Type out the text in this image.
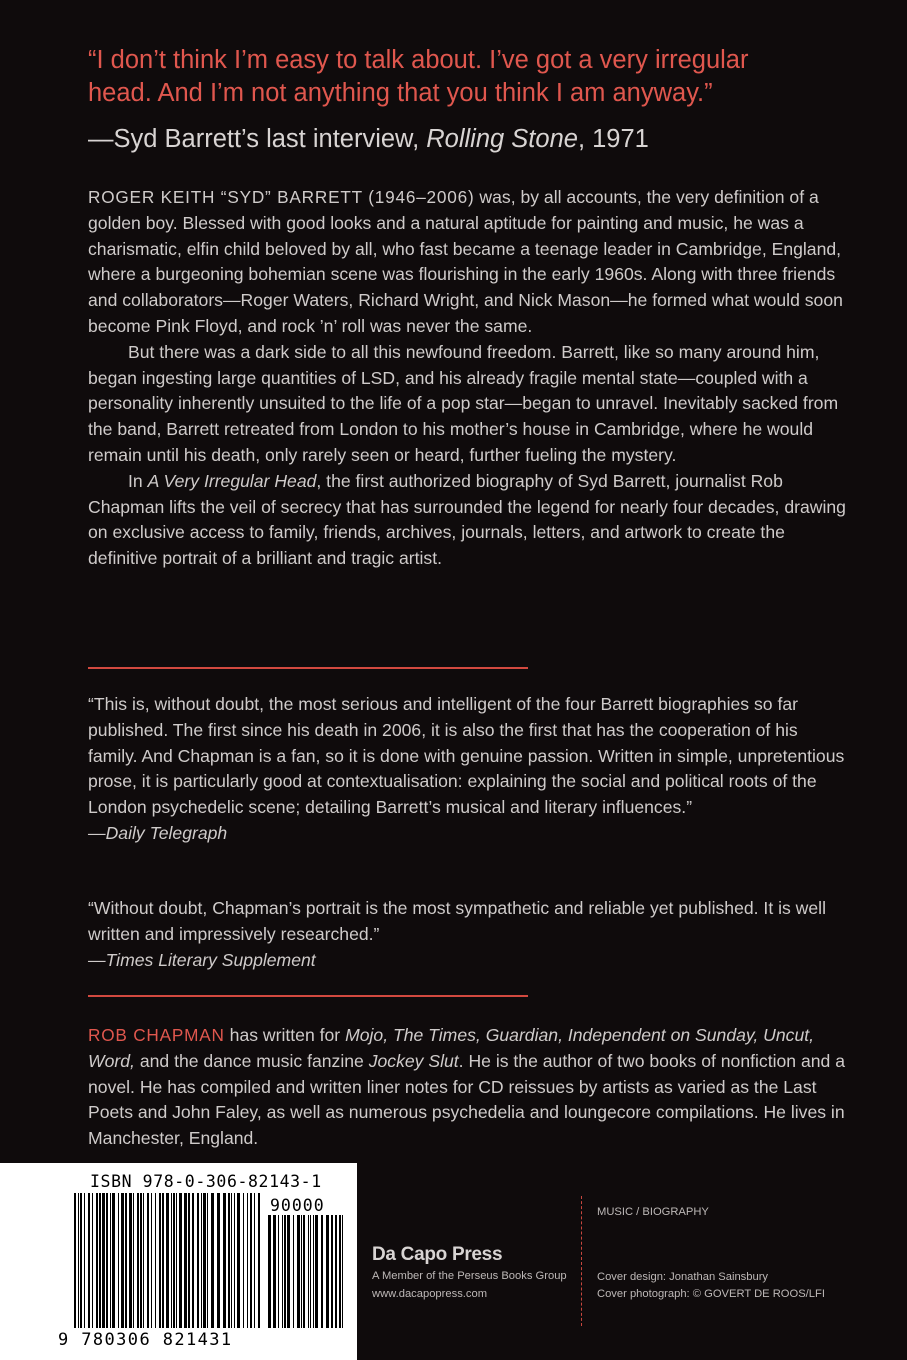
“I don’t think I’m easy to talk about. I’ve got a very irregular
head. And I’m not anything that you think I am anyway.”
—Syd Barrett’s last interview, Rolling Stone, 1971

ROGER KEITH “SYD” BARRETT (1946–2006) was, by all accounts, the very definition of a golden boy. Blessed with good looks and a natural aptitude for painting and music, he was a charismatic, elfin child beloved by all, who fast became a teenage leader in Cambridge, England, where a burgeoning bohemian scene was flourishing in the early 1960s. Along with three friends and collaborators—Roger Waters, Richard Wright, and Nick Mason—he formed what would soon become Pink Floyd, and rock ’n’ roll was never the same.

But there was a dark side to all this newfound freedom. Barrett, like so many around him, began ingesting large quantities of LSD, and his already fragile mental state—coupled with a personality inherently unsuited to the life of a pop star—began to unravel. Inevitably sacked from the band, Barrett retreated from London to his mother’s house in Cambridge, where he would remain until his death, only rarely seen or heard, further fueling the mystery.

In A Very Irregular Head, the first authorized biography of Syd Barrett, journalist Rob Chapman lifts the veil of secrecy that has surrounded the legend for nearly four decades, drawing on exclusive access to family, friends, archives, journals, letters, and artwork to create the definitive portrait of a brilliant and tragic artist.

“This is, without doubt, the most serious and intelligent of the four Barrett biographies so far published. The first since his death in 2006, it is also the first that has the cooperation of his family. And Chapman is a fan, so it is done with genuine passion. Written in simple, unpretentious prose, it is particularly good at contextualisation: explaining the social and political roots of the London psychedelic scene; detailing Barrett’s musical and literary influences.”

—Daily Telegraph

“Without doubt, Chapman’s portrait is the most sympathetic and reliable yet published. It is well written and impressively researched.”

—Times Literary Supplement

ROB CHAPMAN has written for Mojo, The Times, Guardian, Independent on Sunday, Uncut, Word, and the dance music fanzine Jockey Slut. He is the author of two books of nonfiction and a novel. He has compiled and written liner notes for CD reissues by artists as varied as the Last Poets and John Faley, as well as numerous psychedelia and loungecore compilations. He lives in Manchester, England.

ISBN 978-0-306-82143-1
90000
9 780306 821431
Da Capo Press
A Member of the Perseus Books Group
www.dacapopress.com
MUSIC / BIOGRAPHY
Cover design: Jonathan Sainsbury
Cover photograph: © GOVERT DE ROOS/LFI
